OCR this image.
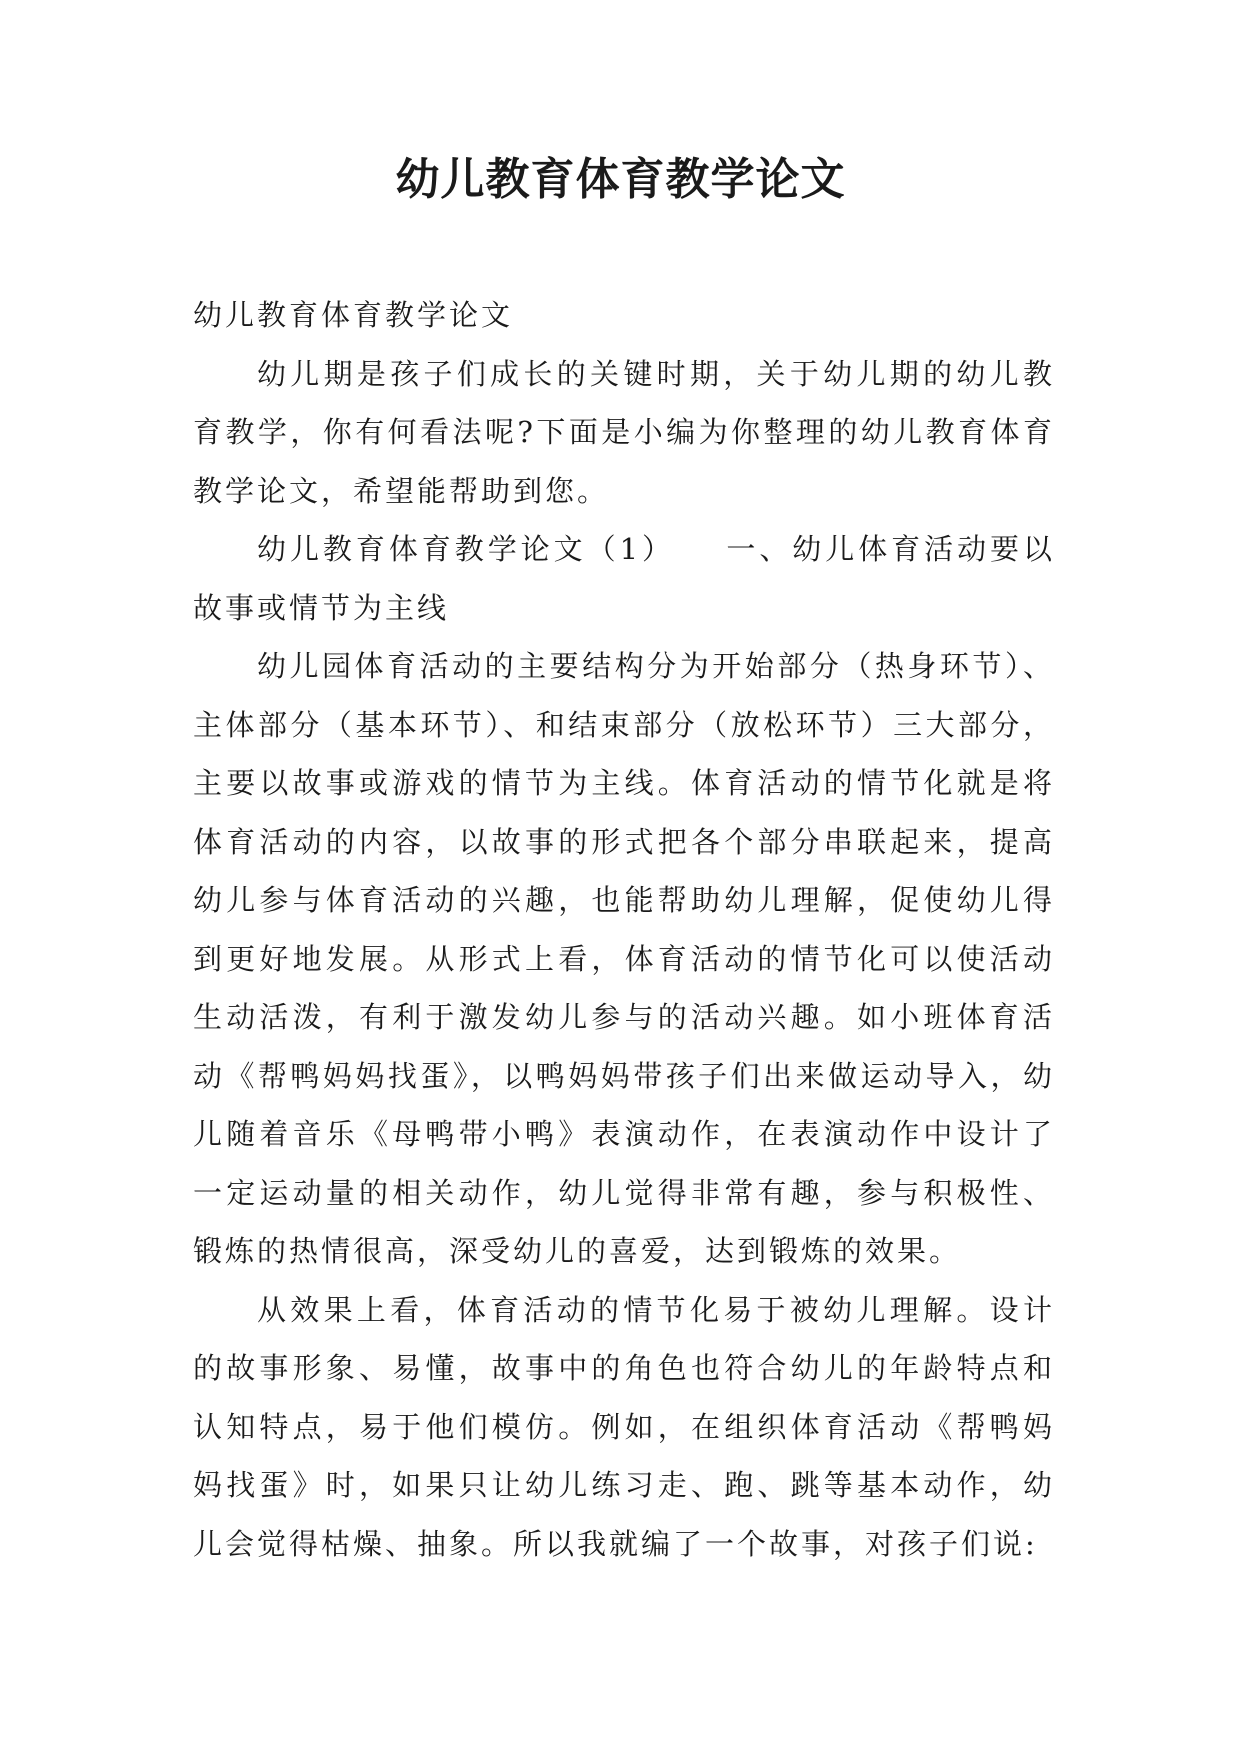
幼儿教育体育教学论文

幼儿教育体育教学论文

幼儿期是孩子们成长的关键时期，关于幼儿期的幼儿教育教学，你有何看法呢?下面是小编为你整理的幼儿教育体育教学论文，希望能帮助到您。

幼儿教育体育教学论文（1）　　一、幼儿体育活动要以故事或情节为主线

幼儿园体育活动的主要结构分为开始部分（热身环节）、主体部分（基本环节）、和结束部分（放松环节）三大部分，主要以故事或游戏的情节为主线。体育活动的情节化就是将体育活动的内容，以故事的形式把各个部分串联起来，提高幼儿参与体育活动的兴趣，也能帮助幼儿理解，促使幼儿得到更好地发展。从形式上看，体育活动的情节化可以使活动生动活泼，有利于激发幼儿参与的活动兴趣。如小班体育活动《帮鸭妈妈找蛋》，以鸭妈妈带孩子们出来做运动导入，幼儿随着音乐《母鸭带小鸭》表演动作，在表演动作中设计了一定运动量的相关动作，幼儿觉得非常有趣，参与积极性、锻炼的热情很高，深受幼儿的喜爱，达到锻炼的效果。

从效果上看，体育活动的情节化易于被幼儿理解。设计的故事形象、易懂，故事中的角色也符合幼儿的年龄特点和认知特点，易于他们模仿。例如，在组织体育活动《帮鸭妈妈找蛋》时，如果只让幼儿练习走、跑、跳等基本动作，幼儿会觉得枯燥、抽象。所以我就编了一个故事，对孩子们说:
